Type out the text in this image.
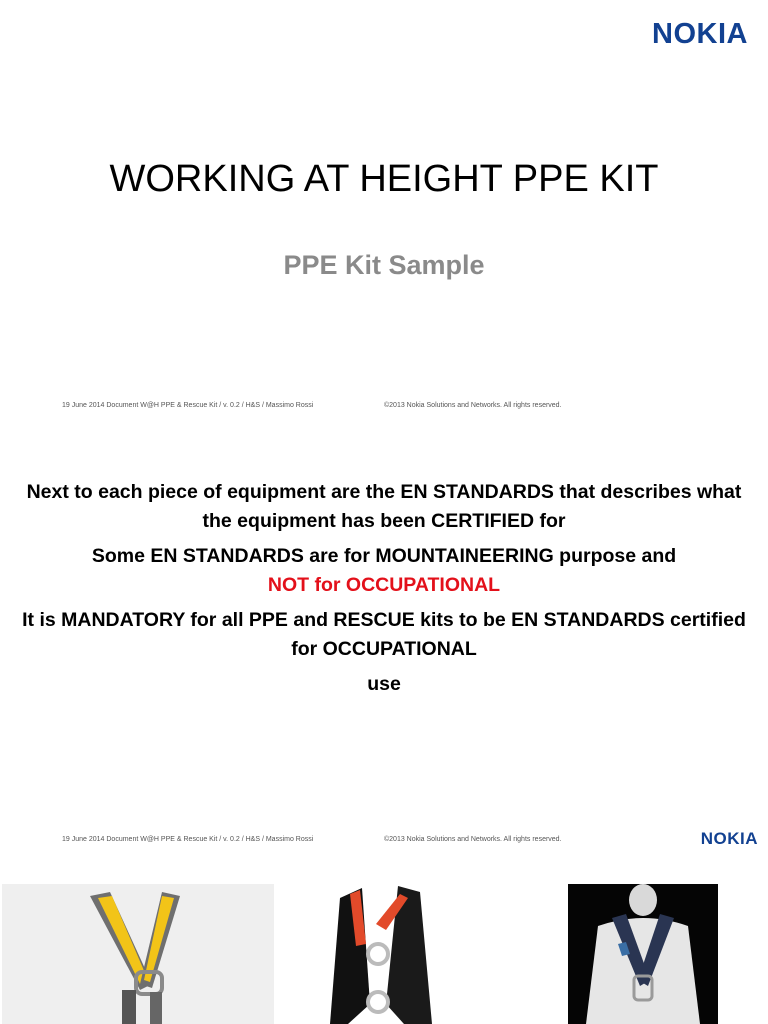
NOKIA
WORKING AT HEIGHT PPE KIT
PPE Kit Sample
19 June 2014 Document W@H PPE & Rescue Kit / v. 0.2 / H&S / Massimo Rossi	©2013 Nokia Solutions and Networks. All rights reserved.

Next to each piece of equipment are the EN STANDARDS that describes what the equipment has been CERTIFIED for

Some EN STANDARDS are for MOUNTAINEERING purpose and
NOT for OCCUPATIONAL

It is MANDATORY for all PPE and RESCUE kits to be EN STANDARDS certified for OCCUPATIONAL

use

19 June 2014 Document W@H PPE & Rescue Kit / v. 0.2 / H&S / Massimo Rossi	©2013 Nokia Solutions and Networks. All rights reserved.	NOKIA
